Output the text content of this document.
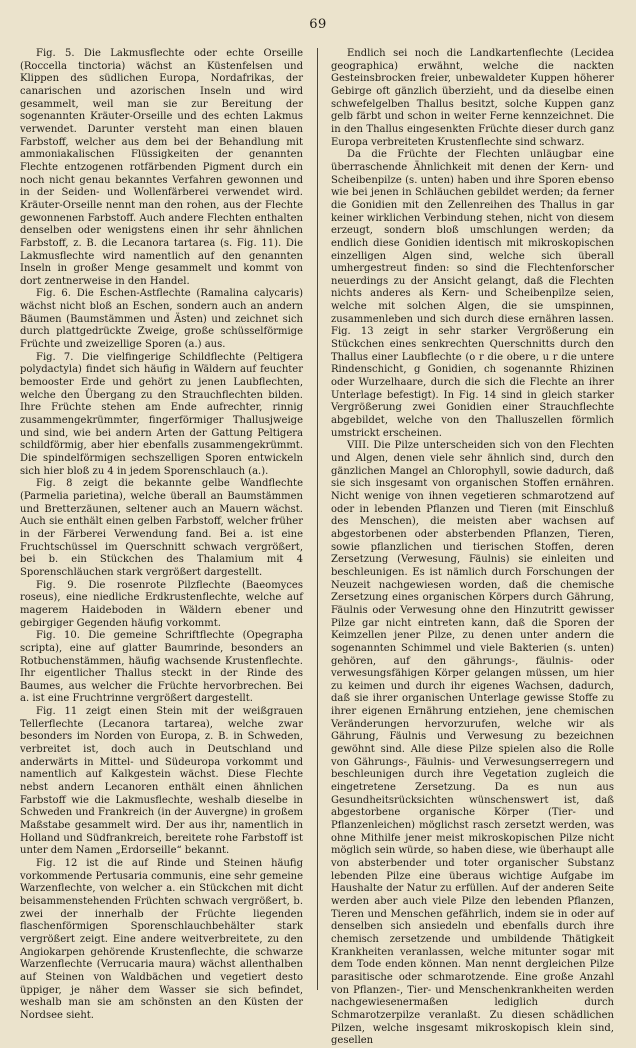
69

Fig. 5. Die Lakmusflechte oder echte Orseille (Roccella tinctoria) wächst an Küstenfelsen und Klippen des südlichen Europa, Nordafrikas, der canarischen und azorischen Inseln und wird gesammelt, weil man sie zur Bereitung der sogenannten Kräuter-Orseille und des echten Lakmus verwendet. Darunter versteht man einen blauen Farbstoff, welcher aus dem bei der Behandlung mit ammoniakalischen Flüssigkeiten der genannten Flechte entzogenen rotfärbenden Pigment durch ein noch nicht genau bekanntes Verfahren gewonnen und in der Seiden- und Wollenfärberei verwendet wird. Kräuter-Orseille nennt man den rohen, aus der Flechte gewonnenen Farbstoff. Auch andere Flechten enthalten denselben oder wenigstens einen ihr sehr ähnlichen Farbstoff, z. B. die Lecanora tartarea (s. Fig. 11). Die Lakmusflechte wird namentlich auf den genannten Inseln in großer Menge gesammelt und kommt von dort zentnerweise in den Handel.

Fig. 6. Die Eschen-Astflechte (Ramalina calycaris) wächst nicht bloß an Eschen, sondern auch an andern Bäumen (Baumstämmen und Ästen) und zeichnet sich durch plattgedrückte Zweige, große schüsselförmige Früchte und zweizellige Sporen (a.) aus.

Fig. 7. Die vielfingerige Schildflechte (Peltigera polydactyla) findet sich häufig in Wäldern auf feuchter bemooster Erde und gehört zu jenen Laubflechten, welche den Übergang zu den Strauchflechten bilden. Ihre Früchte stehen am Ende aufrechter, rinnig zusammengekrümmter, fingerförmiger Thallusjweige und sind, wie bei andern Arten der Gattung Peltigera schildförmig, aber hier ebenfalls zusammengekrümmt. Die spindelförmigen sechszelligen Sporen entwickeln sich hier bloß zu 4 in jedem Sporenschlauch (a.).

Fig. 8 zeigt die bekannte gelbe Wandflechte (Parmelia parietina), welche überall an Baumstämmen und Bretterzäunen, seltener auch an Mauern wächst. Auch sie enthält einen gelben Farbstoff, welcher früher in der Färberei Verwendung fand. Bei a. ist eine Fruchtschüssel im Querschnitt schwach vergrößert, bei b. ein Stückchen des Thalamium mit 4 Sporenschläuchen stark vergrößert dargestellt.

Fig. 9. Die rosenrote Pilzflechte (Baeomyces roseus), eine niedliche Erdkrustenflechte, welche auf magerem Haideboden in Wäldern ebener und gebirgiger Gegenden häufig vorkommt.

Fig. 10. Die gemeine Schriftflechte (Opegrapha scripta), eine auf glatter Baumrinde, besonders an Rotbuchenstämmen, häufig wachsende Krustenflechte. Ihr eigentlicher Thallus steckt in der Rinde des Baumes, aus welcher die Früchte hervorbrechen. Bei a. ist eine Fruchtrinne vergrößert dargestellt.

Fig. 11 zeigt einen Stein mit der weißgrauen Tellerflechte (Lecanora tartarea), welche zwar besonders im Norden von Europa, z. B. in Schweden, verbreitet ist, doch auch in Deutschland und anderwärts in Mittel- und Südeuropa vorkommt und namentlich auf Kalkgestein wächst. Diese Flechte nebst andern Lecanoren enthält einen ähnlichen Farbstoff wie die Lakmusflechte, weshalb dieselbe in Schweden und Frankreich (in der Auvergne) in großem Maßstabe gesammelt wird. Der aus ihr, namentlich in Holland und Südfrankreich, bereitete rohe Farbstoff ist unter dem Namen „Erdorseille“ bekannt.

Fig. 12 ist die auf Rinde und Steinen häufig vorkommende Pertusaria communis, eine sehr gemeine Warzenflechte, von welcher a. ein Stückchen mit dicht beisammenstehenden Früchten schwach vergrößert, b. zwei der innerhalb der Früchte liegenden flaschenförmigen Sporenschlauchbehälter stark vergrößert zeigt. Eine andere weitverbreitete, zu den Angiokarpen gehörende Krustenflechte, die schwarze Warzenflechte (Verrucaria maura) wächst allenthalben auf Steinen von Waldbächen und vegetiert desto üppiger, je näher dem Wasser sie sich befindet, weshalb man sie am schönsten an den Küsten der Nordsee sieht.

Endlich sei noch die Landkartenflechte (Lecidea geographica) erwähnt, welche die nackten Gesteinsbrocken freier, unbewaldeter Kuppen höherer Gebirge oft gänzlich überzieht, und da dieselbe einen schwefelgelben Thallus besitzt, solche Kuppen ganz gelb färbt und schon in weiter Ferne kennzeichnet. Die in den Thallus eingesenkten Früchte dieser durch ganz Europa verbreiteten Krustenflechte sind schwarz.

Da die Früchte der Flechten unläugbar eine überraschende Ähnlichkeit mit denen der Kern- und Scheibenpilze (s. unten) haben und ihre Sporen ebenso wie bei jenen in Schläuchen gebildet werden; da ferner die Gonidien mit den Zellenreihen des Thallus in gar keiner wirklichen Verbindung stehen, nicht von diesem erzeugt, sondern bloß umschlungen werden; da endlich diese Gonidien identisch mit mikroskopischen einzelligen Algen sind, welche sich überall umhergestreut finden: so sind die Flechtenforscher neuerdings zu der Ansicht gelangt, daß die Flechten nichts anderes als Kern- und Scheibenpilze seien, welche mit solchen Algen, die sie umspinnen, zusammenleben und sich durch diese ernähren lassen. Fig. 13 zeigt in sehr starker Vergrößerung ein Stückchen eines senkrechten Querschnitts durch den Thallus einer Laubflechte (o r die obere, u r die untere Rindenschicht, g Gonidien, ch sogenannte Rhizinen oder Wurzelhaare, durch die sich die Flechte an ihrer Unterlage befestigt). In Fig. 14 sind in gleich starker Vergrößerung zwei Gonidien einer Strauchflechte abgebildet, welche von den Thalluszellen förmlich umstrickt erscheinen.

VIII. Die Pilze unterscheiden sich von den Flechten und Algen, denen viele sehr ähnlich sind, durch den gänzlichen Mangel an Chlorophyll, sowie dadurch, daß sie sich insgesamt von organischen Stoffen ernähren. Nicht wenige von ihnen vegetieren schmarotzend auf oder in lebenden Pflanzen und Tieren (mit Einschluß des Menschen), die meisten aber wachsen auf abgestorbenen oder absterbenden Pflanzen, Tieren, sowie pflanzlichen und tierischen Stoffen, deren Zersetzung (Verwesung, Fäulnis) sie einleiten und beschleunigen. Es ist nämlich durch Forschungen der Neuzeit nachgewiesen worden, daß die chemische Zersetzung eines organischen Körpers durch Gährung, Fäulnis oder Verwesung ohne den Hinzutritt gewisser Pilze gar nicht eintreten kann, daß die Sporen der Keimzellen jener Pilze, zu denen unter andern die sogenannten Schimmel und viele Bakterien (s. unten) gehören, auf den gährungs-, fäulnis- oder verwesungsfähigen Körper gelangen müssen, um hier zu keimen und durch ihr eigenes Wachsen, dadurch, daß sie ihrer organischen Unterlage gewisse Stoffe zu ihrer eigenen Ernährung entziehen, jene chemischen Veränderungen hervorzurufen, welche wir als Gährung, Fäulnis und Verwesung zu bezeichnen gewöhnt sind. Alle diese Pilze spielen also die Rolle von Gährungs-, Fäulnis- und Verwesungserregern und beschleunigen durch ihre Vegetation zugleich die eingetretene Zersetzung. Da es nun aus Gesundheitsrücksichten wünschenswert ist, daß abgestorbene organische Körper (Tier- und Pflanzenleichen) möglichst rasch zersetzt werden, was ohne Mithilfe jener meist mikroskopischen Pilze nicht möglich sein würde, so haben diese, wie überhaupt alle von absterbender und toter organischer Substanz lebenden Pilze eine überaus wichtige Aufgabe im Haushalte der Natur zu erfüllen. Auf der anderen Seite werden aber auch viele Pilze den lebenden Pflanzen, Tieren und Menschen gefährlich, indem sie in oder auf denselben sich ansiedeln und ebenfalls durch ihre chemisch zersetzende und umbildende Thätigkeit Krankheiten veranlassen, welche mitunter sogar mit dem Tode enden können. Man nennt dergleichen Pilze parasitische oder schmarotzende. Eine große Anzahl von Pflanzen-, Tier- und Menschenkrankheiten werden nachgewiesenermaßen lediglich durch Schmarotzerpilze veranlaßt. Zu diesen schädlichen Pilzen, welche insgesamt mikroskopisch klein sind, gesellen
